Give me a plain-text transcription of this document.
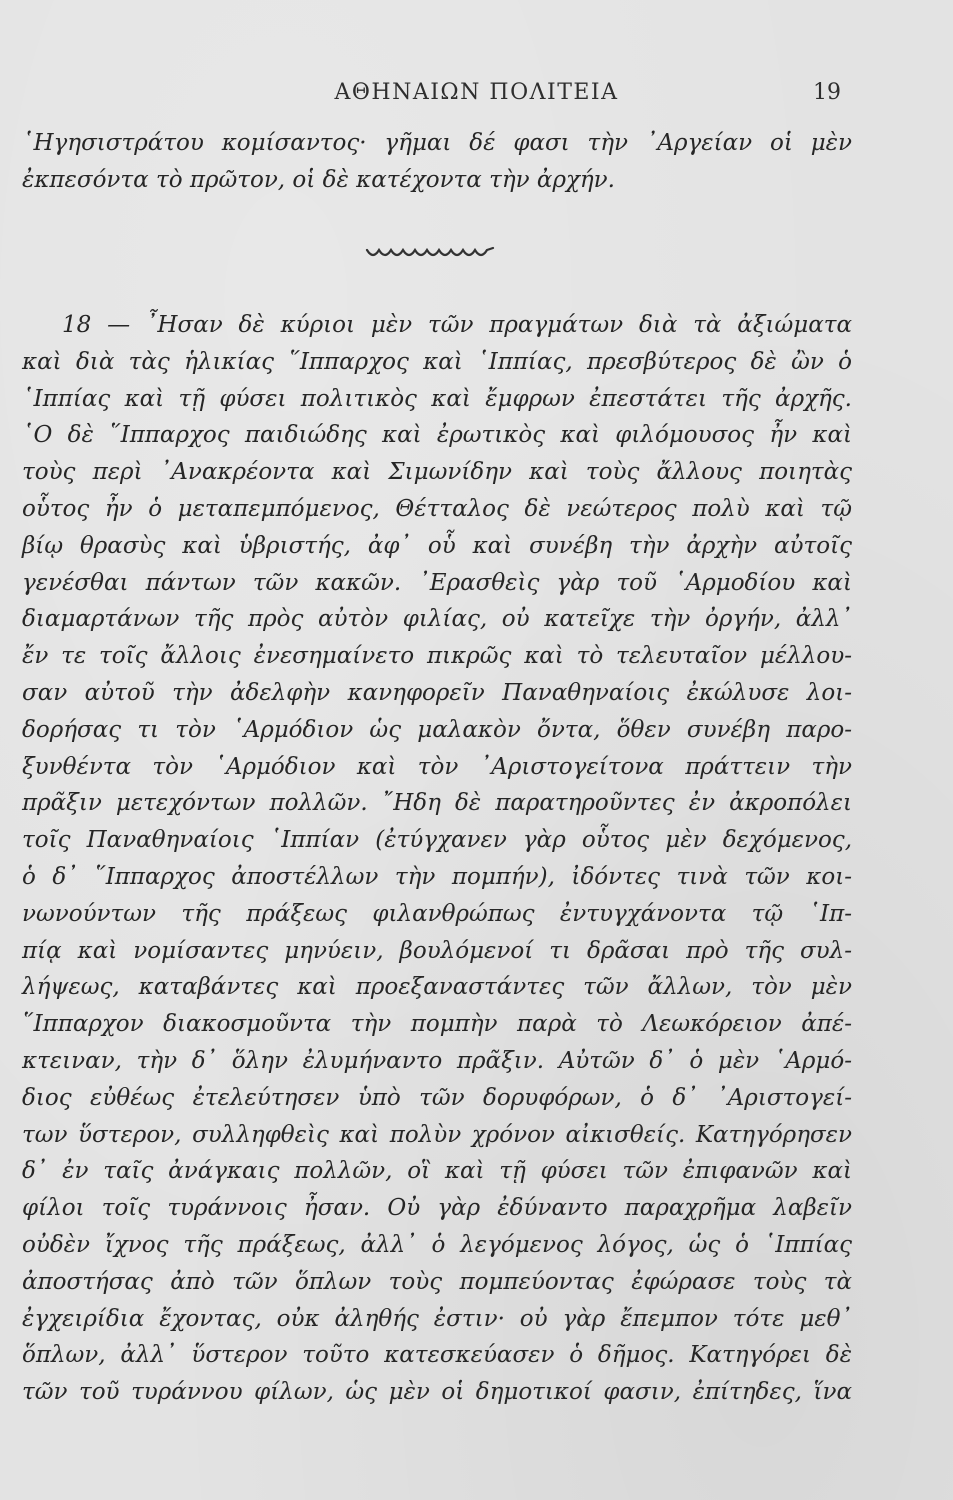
ΑΘΗΝΑΙΩΝ ΠΟΛΙΤΕΙΑ	19
῾Ηγησιστράτου κομίσαντος· γῆμαι δέ φασι τὴν ᾿Αργείαν οἱ μὲν
ἐκπεσόντα τὸ πρῶτον, οἱ δὲ κατέχοντα τὴν ἀρχήν.
18 — ῏Ησαν δὲ κύριοι μὲν τῶν πραγμάτων διὰ τὰ ἀξιώματα
καὶ διὰ τὰς ἡλικίας ῞Ιππαρχος καὶ ῾Ιππίας, πρεσβύτερος δὲ ὢν ὁ
῾Ιππίας καὶ τῇ φύσει πολιτικὸς καὶ ἔμφρων ἐπεστάτει τῆς ἀρχῆς.
῾Ο δὲ ῞Ιππαρχος παιδιώδης καὶ ἐρωτικὸς καὶ φιλόμουσος ἦν καὶ
τοὺς περὶ ᾿Ανακρέοντα καὶ Σιμωνίδην καὶ τοὺς ἄλλους ποιητὰς
οὗτος ἦν ὁ μεταπεμπόμενος, Θέτταλος δὲ νεώτερος πολὺ καὶ τῷ
βίῳ θρασὺς καὶ ὑβριστής, ἀφ᾿ οὗ καὶ συνέβη τὴν ἀρχὴν αὐτοῖς
γενέσθαι πάντων τῶν κακῶν. ᾿Ερασθεὶς γὰρ τοῦ ῾Αρμοδίου καὶ
διαμαρτάνων τῆς πρὸς αὐτὸν φιλίας, οὐ κατεῖχε τὴν ὀργήν, ἀλλ᾿
ἔν τε τοῖς ἄλλοις ἐνεσημαίνετο πικρῶς καὶ τὸ τελευταῖον μέλλου-
σαν αὐτοῦ τὴν ἀδελφὴν κανηφορεῖν Παναθηναίοις ἐκώλυσε λοι-
δορήσας τι τὸν ῾Αρμόδιον ὡς μαλακὸν ὄντα, ὅθεν συνέβη παρο-
ξυνθέντα τὸν ῾Αρμόδιον καὶ τὸν ᾿Αριστογείτονα πράττειν τὴν
πρᾶξιν μετεχόντων πολλῶν. ῎Ηδη δὲ παρατηροῦντες ἐν ἀκροπόλει
τοῖς Παναθηναίοις ῾Ιππίαν (ἐτύγχανεν γὰρ οὗτος μὲν δεχόμενος,
ὁ δ᾿ ῞Ιππαρχος ἀποστέλλων τὴν πομπήν), ἰδόντες τινὰ τῶν κοι-
νωνούντων τῆς πράξεως φιλανθρώπως ἐντυγχάνοντα τῷ ῾Ιπ-
πίᾳ καὶ νομίσαντες μηνύειν, βουλόμενοί τι δρᾶσαι πρὸ τῆς συλ-
λήψεως, καταβάντες καὶ προεξαναστάντες τῶν ἄλλων, τὸν μὲν
῞Ιππαρχον διακοσμοῦντα τὴν πομπὴν παρὰ τὸ Λεωκόρειον ἀπέ-
κτειναν, τὴν δ᾿ ὅλην ἐλυμήναντο πρᾶξιν. Αὐτῶν δ᾿ ὁ μὲν ῾Αρμό-
διος εὐθέως ἐτελεύτησεν ὑπὸ τῶν δορυφόρων, ὁ δ᾿ ᾿Αριστογεί-
των ὕστερον, συλληφθεὶς καὶ πολὺν χρόνον αἰκισθείς. Κατηγόρησεν
δ᾿ ἐν ταῖς ἀνάγκαις πολλῶν, οἳ καὶ τῇ φύσει τῶν ἐπιφανῶν καὶ
φίλοι τοῖς τυράννοις ἦσαν. Οὐ γὰρ ἐδύναντο παραχρῆμα λαβεῖν
οὐδὲν ἴχνος τῆς πράξεως, ἀλλ᾿ ὁ λεγόμενος λόγος, ὡς ὁ ῾Ιππίας
ἀποστήσας ἀπὸ τῶν ὅπλων τοὺς πομπεύοντας ἐφώρασε τοὺς τὰ
ἐγχειρίδια ἔχοντας, οὐκ ἀληθής ἐστιν· οὐ γὰρ ἔπεμπον τότε μεθ᾿
ὅπλων, ἀλλ᾿ ὕστερον τοῦτο κατεσκεύασεν ὁ δῆμος. Κατηγόρει δὲ
τῶν τοῦ τυράννου φίλων, ὡς μὲν οἱ δημοτικοί φασιν, ἐπίτηδες, ἵνα
